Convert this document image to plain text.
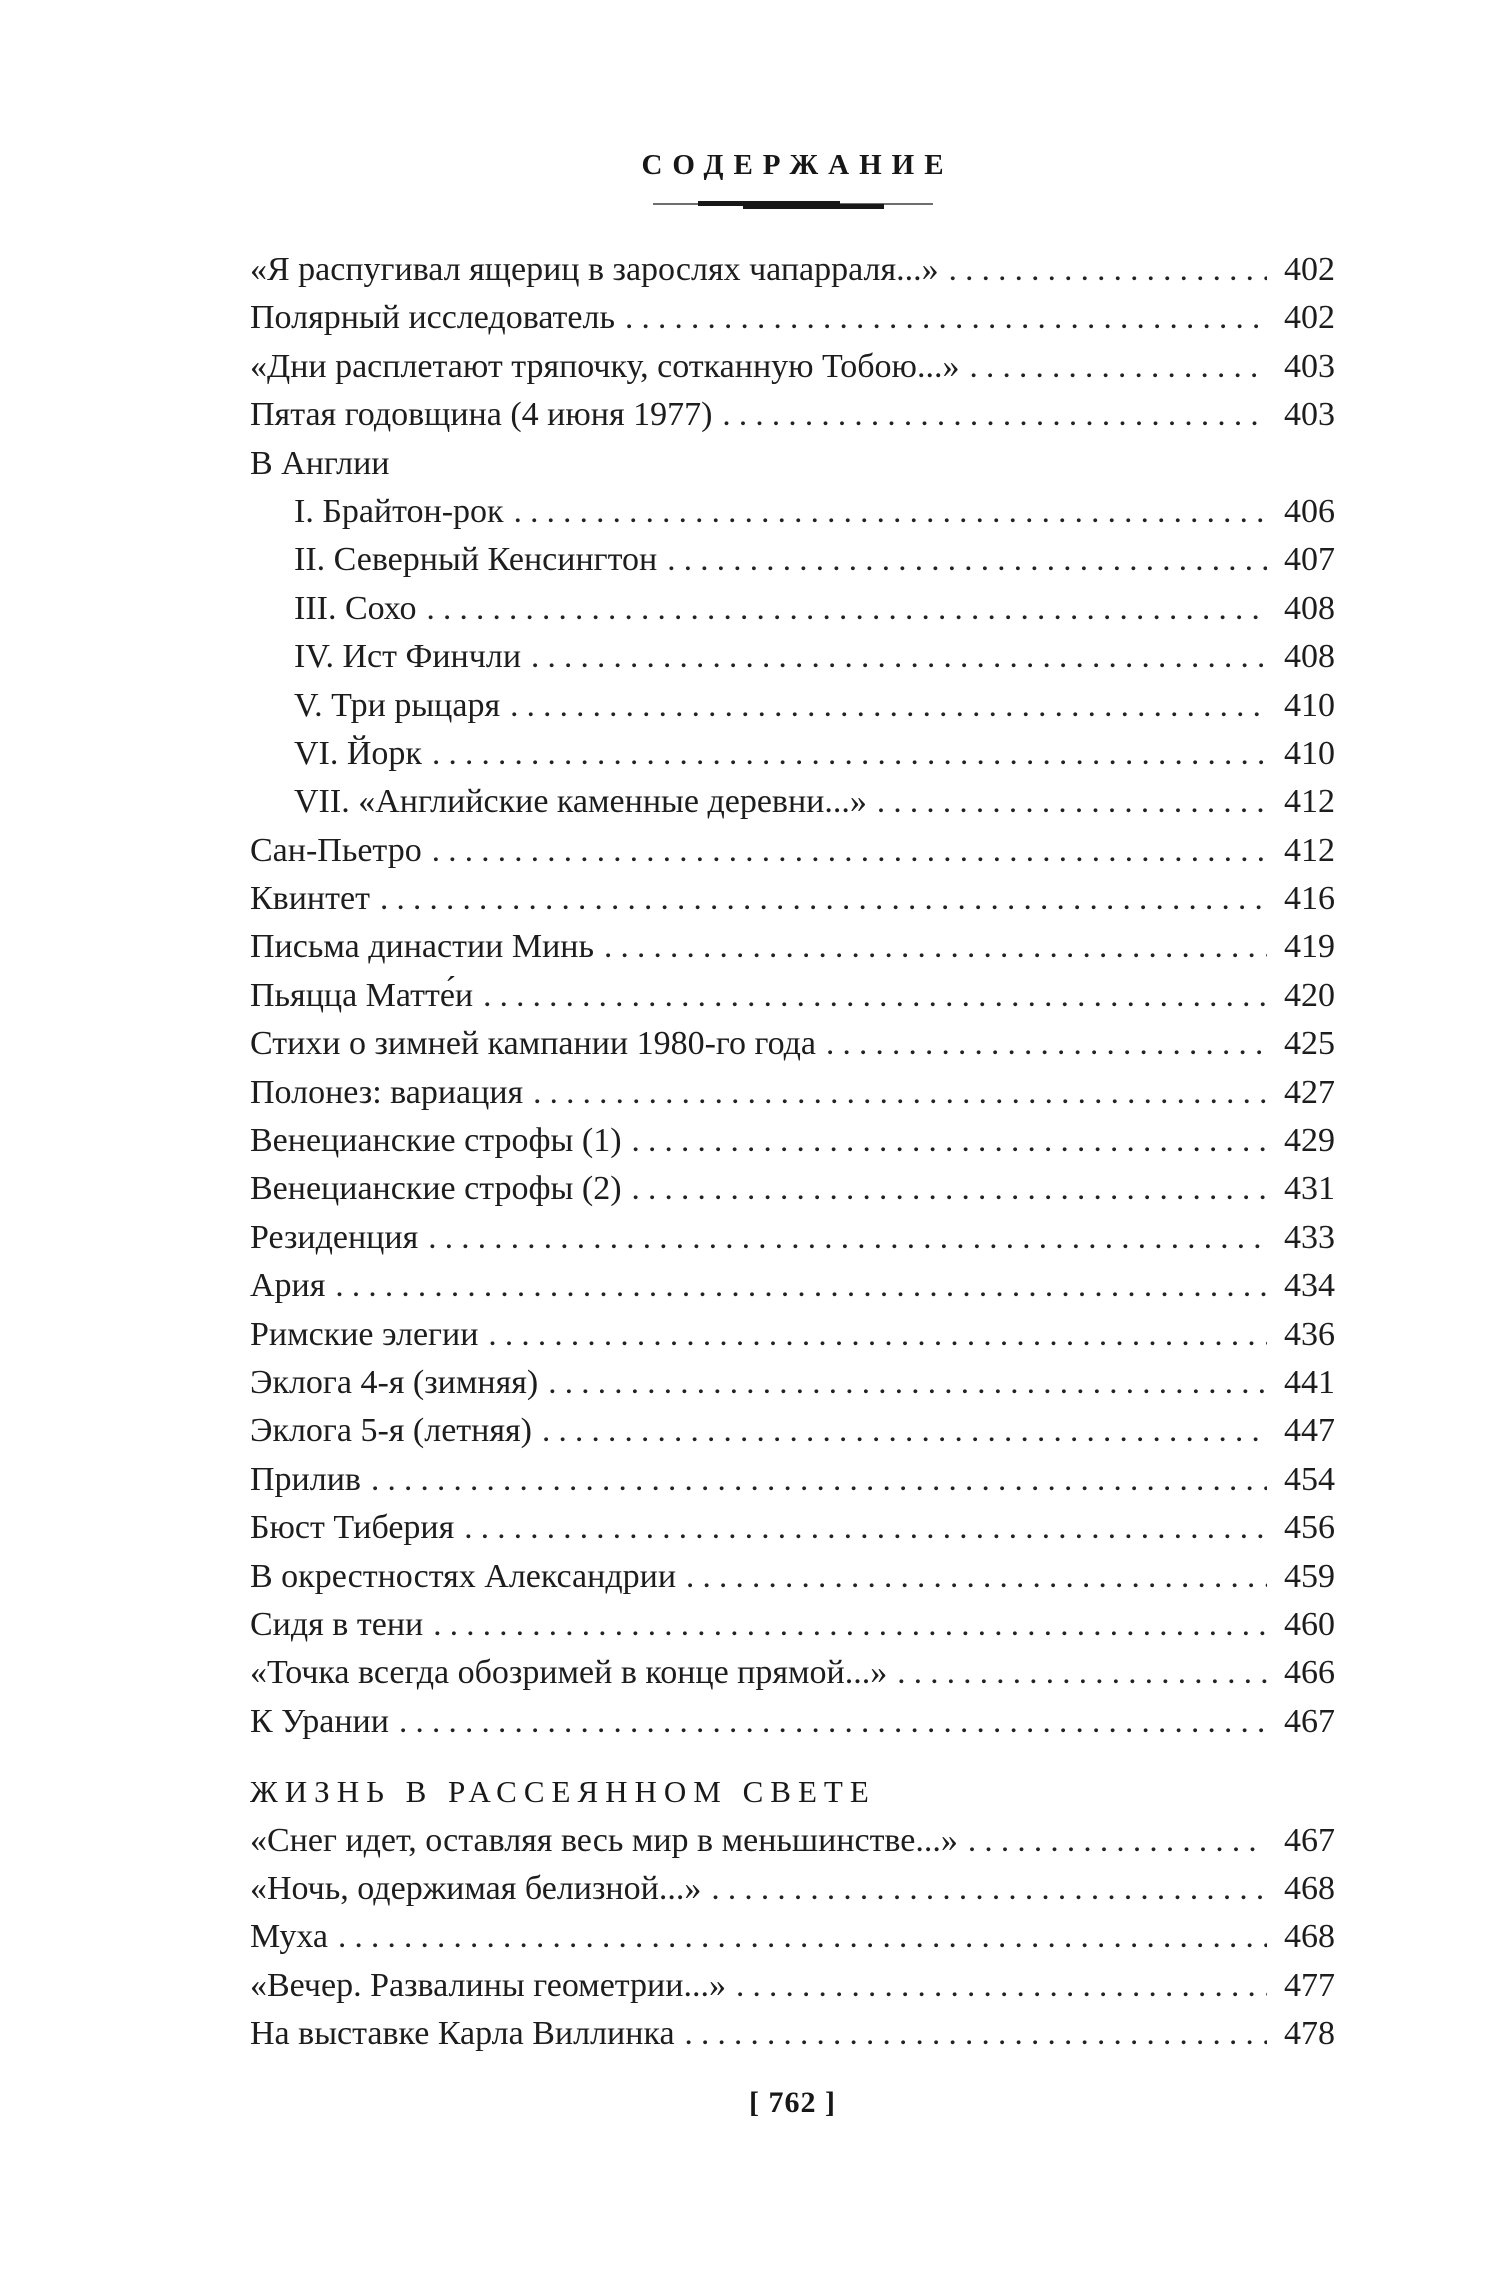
СОДЕРЖАНИЕ
«Я распугивал ящериц в зарослях чапарраля...» . . .	402
Полярный исследователь . . .	402
«Дни расплетают тряпочку, сотканную Тобою...» . . .	403
Пятая годовщина (4 июня 1977) . . .	403
В Англии
I. Брайтон-рок . . .	406
II. Северный Кенсингтон . . .	407
III. Сохо . . .	408
IV. Ист Финчли . . .	408
V. Три рыцаря . . .	410
VI. Йорк . . .	410
VII. «Английские каменные деревни...» . . .	412
Сан-Пьетро . . .	412
Квинтет . . .	416
Письма династии Минь . . .	419
Пьяцца Матте́и . . .	420
Стихи о зимней кампании 1980-го года . . .	425
Полонез: вариация . . .	427
Венецианские строфы (1) . . .	429
Венецианские строфы (2) . . .	431
Резиденция . . .	433
Ария . . .	434
Римские элегии . . .	436
Эклога 4-я (зимняя) . . .	441
Эклога 5-я (летняя) . . .	447
Прилив . . .	454
Бюст Тиберия . . .	456
В окрестностях Александрии . . .	459
Сидя в тени . . .	460
«Точка всегда обозримей в конце прямой...» . . .	466
К Урании . . .	467
ЖИЗНЬ В РАССЕЯННОМ СВЕТЕ
«Снег идет, оставляя весь мир в меньшинстве...» . . .	467
«Ночь, одержимая белизной...» . . .	468
Муха . . .	468
«Вечер. Развалины геометрии...» . . .	477
На выставке Карла Виллинка . . .	478
[ 762 ]
